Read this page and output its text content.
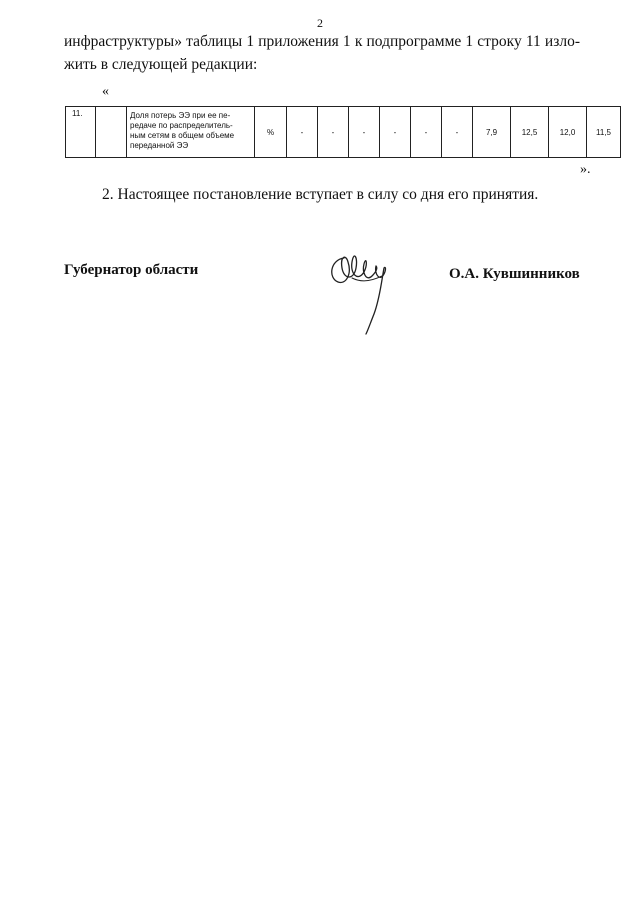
2
инфраструктуры» таблицы 1 приложения 1 к подпрограмме 1 строку 11 изло-
жить в следующей редакции:
«
11.		Доля потерь ЭЭ при ее пе-
редаче по распределитель-
ным сетям в общем объеме
переданной ЭЭ
	%	-	-	-	-	-	-	7,9	12,5	12,0	11,5
».
2. Настоящее постановление вступает в силу со дня его принятия.
Губернатор области	О.А. Кувшинников
